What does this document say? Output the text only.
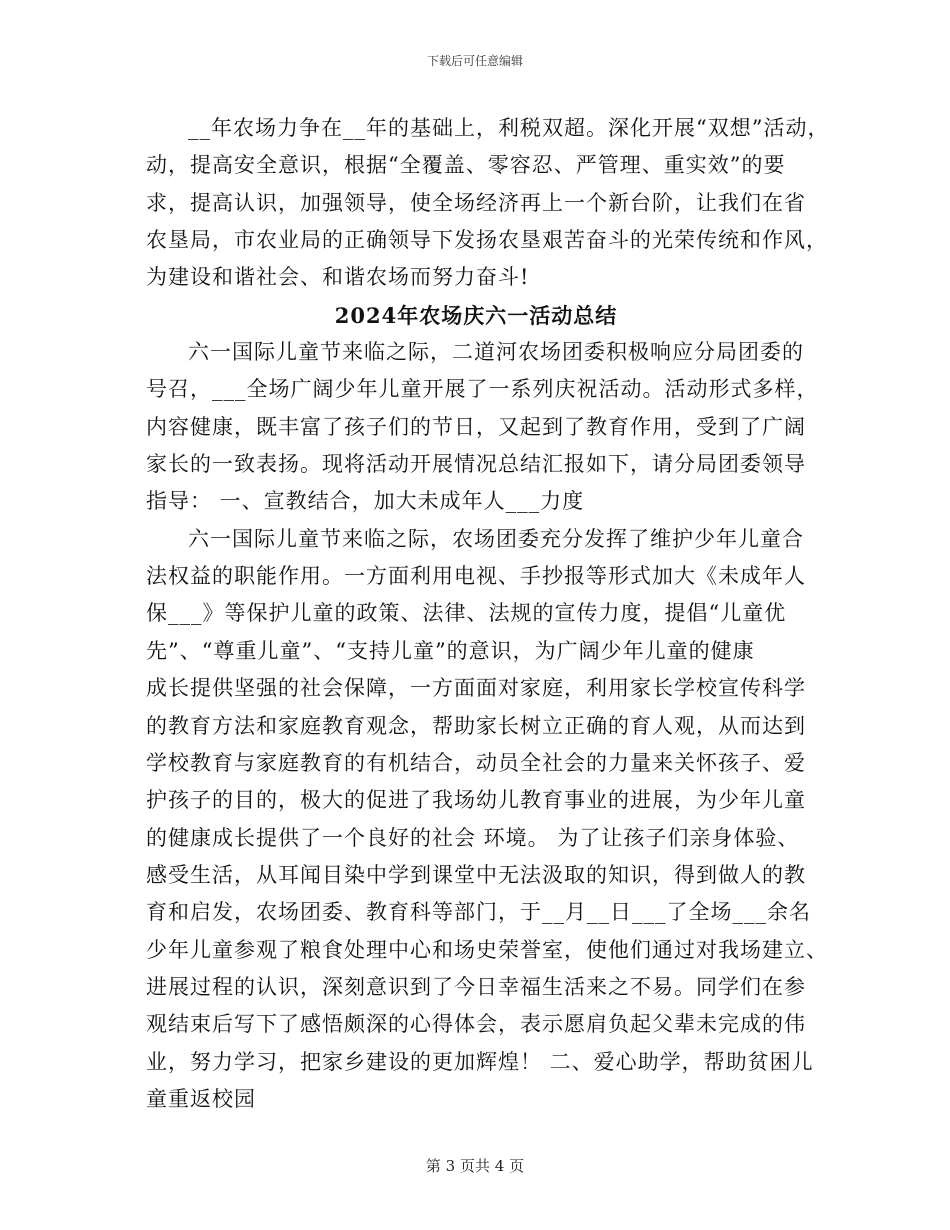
下载后可任意编辑
__年农场力争在__年的基础上，利税双超。深化开展“双想”活动，
动，提高安全意识，根据“全覆盖、零容忍、严管理、重实效”的要
求，提高认识，加强领导，使全场经济再上一个新台阶，让我们在省
农垦局，市农业局的正确领导下发扬农垦艰苦奋斗的光荣传统和作风，
为建设和谐社会、和谐农场而努力奋斗!
2024年农场庆六一活动总结
六一国际儿童节来临之际，二道河农场团委积极响应分局团委的
号召，___全场广阔少年儿童开展了一系列庆祝活动。活动形式多样，
内容健康，既丰富了孩子们的节日，又起到了教育作用，受到了广阔
家长的一致表扬。现将活动开展情况总结汇报如下，请分局团委领导
指导： 一、宣教结合，加大未成年人___力度
六一国际儿童节来临之际，农场团委充分发挥了维护少年儿童合
法权益的职能作用。一方面利用电视、手抄报等形式加大《未成年人
保___》等保护儿童的政策、法律、法规的宣传力度，提倡“儿童优
先”、“尊重儿童”、“支持儿童”的意识，为广阔少年儿童的健康
成长提供坚强的社会保障，一方面面对家庭，利用家长学校宣传科学
的教育方法和家庭教育观念，帮助家长树立正确的育人观，从而达到
学校教育与家庭教育的有机结合，动员全社会的力量来关怀孩子、爱
护孩子的目的，极大的促进了我场幼儿教育事业的进展，为少年儿童
的健康成长提供了一个良好的社会 环境。 为了让孩子们亲身体验、
感受生活，从耳闻目染中学到课堂中无法汲取的知识，得到做人的教
育和启发，农场团委、教育科等部门，于__月__日___了全场___余名
少年儿童参观了粮食处理中心和场史荣誉室，使他们通过对我场建立、
进展过程的认识，深刻意识到了今日幸福生活来之不易。同学们在参
观结束后写下了感悟颇深的心得体会，表示愿肩负起父辈未完成的伟
业，努力学习，把家乡建设的更加辉煌！ 二、爱心助学，帮助贫困儿
童重返校园
第 3 页共 4 页
